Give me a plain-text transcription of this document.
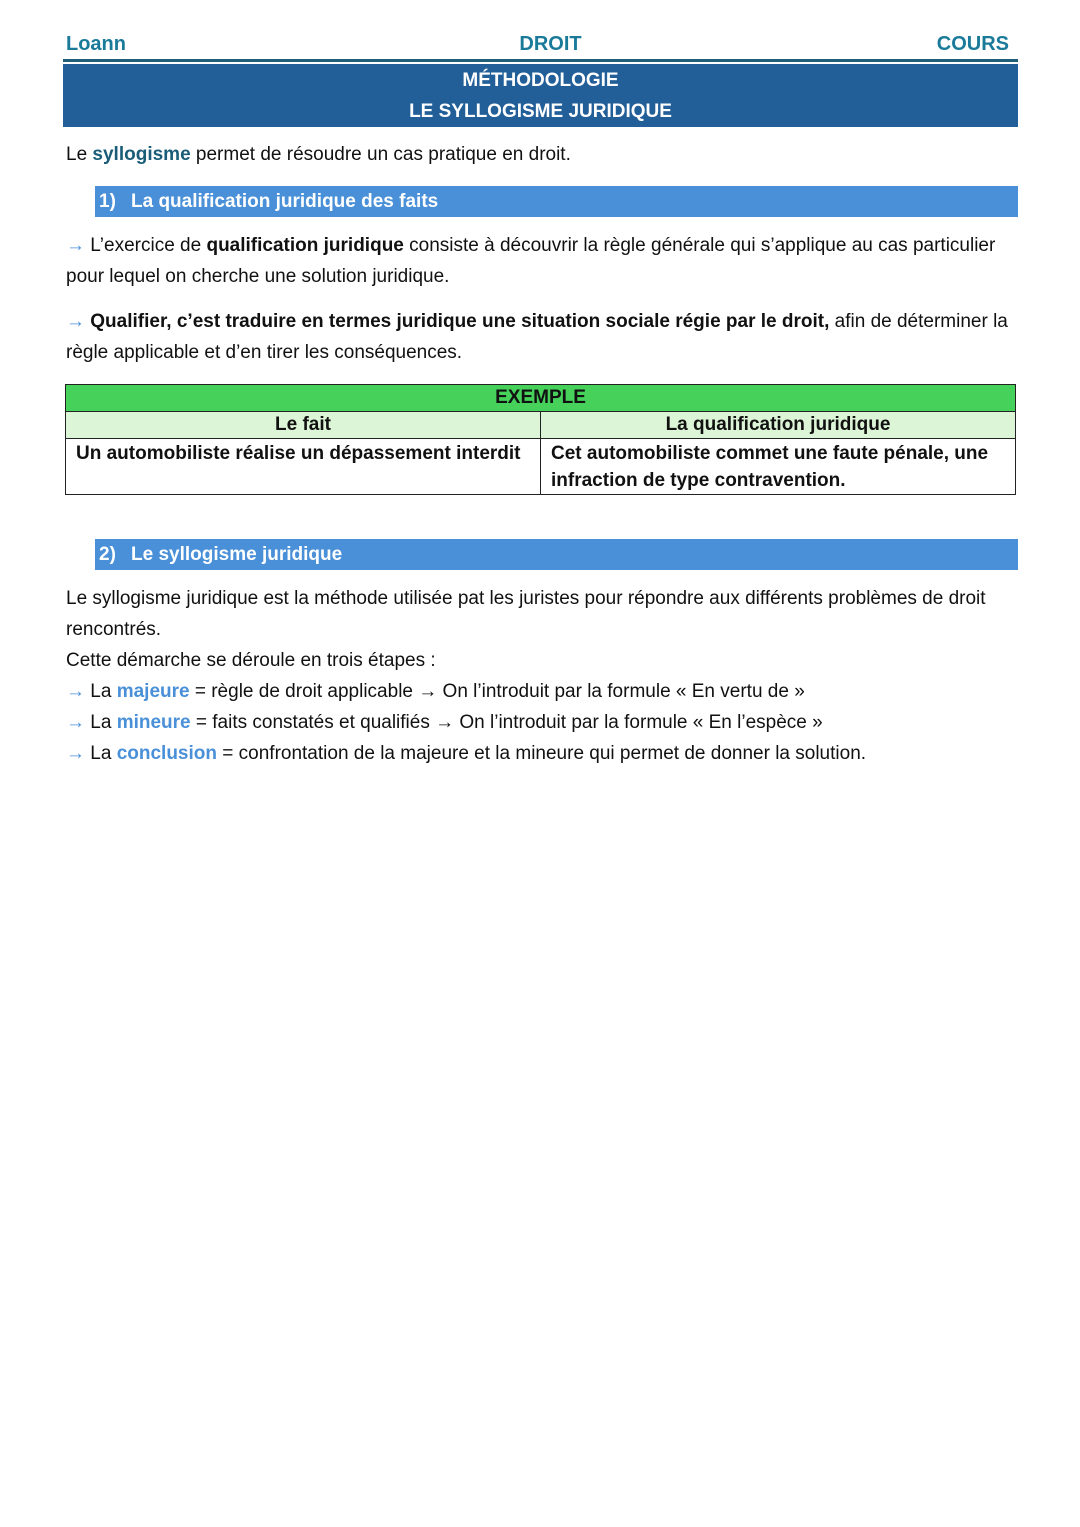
Loann	DROIT	COURS
MÉTHODOLOGIE
LE SYLLOGISME JURIDIQUE
Le syllogisme permet de résoudre un cas pratique en droit.
1) La qualification juridique des faits
→ L’exercice de qualification juridique consiste à découvrir la règle générale qui s’applique au cas particulier pour lequel on cherche une solution juridique.
→ Qualifier, c’est traduire en termes juridique une situation sociale régie par le droit, afin de déterminer la règle applicable et d’en tirer les conséquences.
EXEMPLE	
Le fait	La qualification juridique
Un automobiliste réalise un dépassement interdit	Cet automobiliste commet une faute pénale, une infraction de type contravention.
2) Le syllogisme juridique
Le syllogisme juridique est la méthode utilisée pat les juristes pour répondre aux différents problèmes de droit rencontrés.
Cette démarche se déroule en trois étapes :
→ La majeure = règle de droit applicable → On l’introduit par la formule « En vertu de »
→ La mineure = faits constatés et qualifiés → On l’introduit par la formule « En l’espèce »
→ La conclusion = confrontation de la majeure et la mineure qui permet de donner la solution.
